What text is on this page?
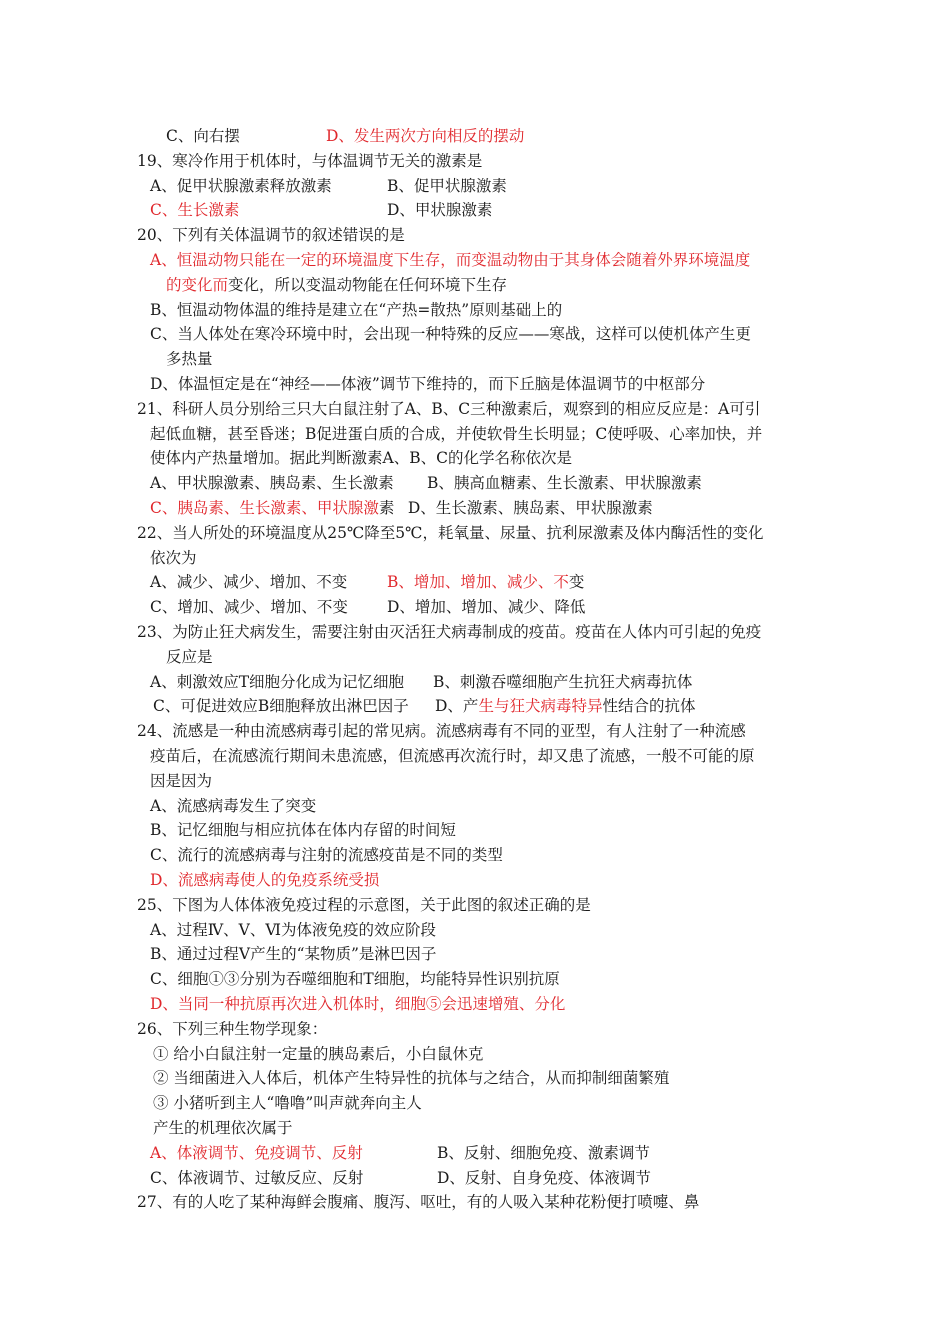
C、向右摆	D、发生两次方向相反的摆动
19、寒冷作用于机体时，与体温调节无关的激素是
A、促甲状腺激素释放激素	B、促甲状腺激素
C、生长激素	D、甲状腺激素
20、下列有关体温调节的叙述错误的是
A、恒温动物只能在一定的环境温度下生存，而变温动物由于其身体会随着外界环境温度
的变化而变化，所以变温动物能在任何环境下生存
B、恒温动物体温的维持是建立在“产热=散热”原则基础上的
C、当人体处在寒冷环境中时，会出现一种特殊的反应——寒战，这样可以使机体产生更
多热量
D、体温恒定是在“神经——体液”调节下维持的，而下丘脑是体温调节的中枢部分
21、科研人员分别给三只大白鼠注射了A、B、C三种激素后，观察到的相应反应是：A可引
起低血糖，甚至昏迷；B促进蛋白质的合成，并使软骨生长明显；C使呼吸、心率加快，并
使体内产热量增加。据此判断激素A、B、C的化学名称依次是
A、甲状腺激素、胰岛素、生长激素 B、胰高血糖素、生长激素、甲状腺激素
C、胰岛素、生长激素、甲状腺激素 D、生长激素、胰岛素、甲状腺激素
22、当人所处的环境温度从25℃降至5℃，耗氧量、尿量、抗利尿激素及体内酶活性的变化
依次为
A、减少、减少、增加、不变	B、增加、增加、减少、不变
C、增加、减少、增加、不变	D、增加、增加、减少、降低
23、为防止狂犬病发生，需要注射由灭活狂犬病毒制成的疫苗。疫苗在人体内可引起的免疫
反应是
A、刺激效应T细胞分化成为记忆细胞 B、刺激吞噬细胞产生抗狂犬病毒抗体
C、可促进效应B细胞释放出淋巴因子 D、产生与狂犬病毒特异性结合的抗体
24、流感是一种由流感病毒引起的常见病。流感病毒有不同的亚型，有人注射了一种流感
疫苗后，在流感流行期间未患流感，但流感再次流行时，却又患了流感，一般不可能的原
因是因为
A、流感病毒发生了突变
B、记忆细胞与相应抗体在体内存留的时间短
C、流行的流感病毒与注射的流感疫苗是不同的类型
D、流感病毒使人的免疫系统受损
25、下图为人体体液免疫过程的示意图，关于此图的叙述正确的是
A、过程Ⅳ、Ⅴ、Ⅵ为体液免疫的效应阶段
B、通过过程Ⅴ产生的“某物质”是淋巴因子
C、细胞①③分别为吞噬细胞和T细胞，均能特异性识别抗原
D、当同一种抗原再次进入机体时，细胞⑤会迅速增殖、分化
26、下列三种生物学现象：
① 给小白鼠注射一定量的胰岛素后，小白鼠休克
② 当细菌进入人体后，机体产生特异性的抗体与之结合，从而抑制细菌繁殖
③ 小猪听到主人“噜噜”叫声就奔向主人
产生的机理依次属于
A、体液调节、免疫调节、反射	B、反射、细胞免疫、激素调节
C、体液调节、过敏反应、反射	D、反射、自身免疫、体液调节
27、有的人吃了某种海鲜会腹痛、腹泻、呕吐，有的人吸入某种花粉便打喷嚏、鼻
